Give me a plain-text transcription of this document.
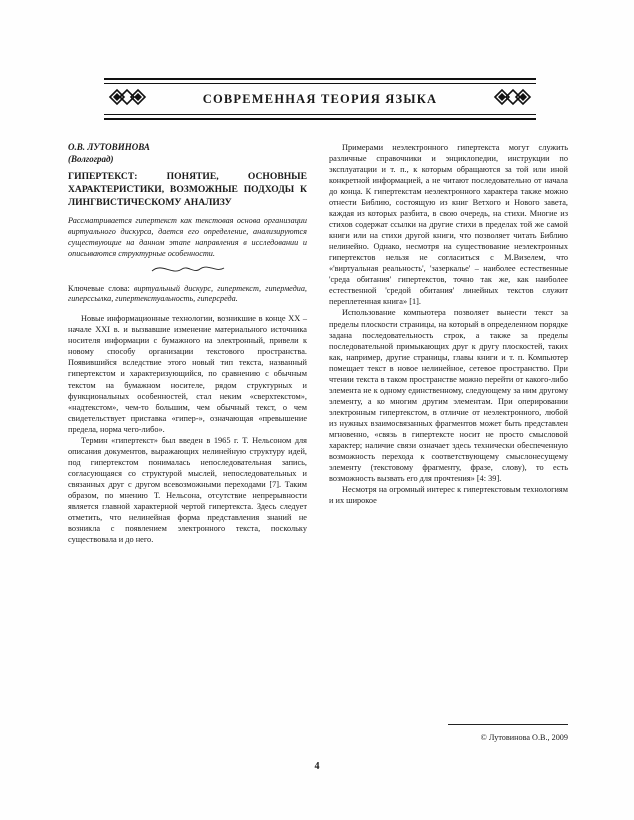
СОВРЕМЕННАЯ ТЕОРИЯ ЯЗЫКА
О.В. ЛУТОВИНОВА
(Волгоград)
ГИПЕРТЕКСТ: ПОНЯТИЕ, ОСНОВНЫЕ ХАРАКТЕРИСТИКИ, ВОЗМОЖНЫЕ ПОДХОДЫ К ЛИНГВИСТИЧЕСКОМУ АНАЛИЗУ
Рассматривается гипертекст как текстовая основа организации виртуального дискурса, дается его определение, анализируются существующие на данном этапе направления в исследовании и описываются структурные особенности.
Ключевые слова: виртуальный дискурс, гипертекст, гипермедиа, гиперссылка, гипертекстуальность, гиперсреда.

Новые информационные технологии, возникшие в конце XX – начале XXI в. и вызвавшие изменение материального источника носителя информации с бумажного на электронный, привели к новому способу организации текстового пространства. Появившийся вследствие этого новый тип текста, названный гипертекстом и характеризующийся, по сравнению с обычным текстом на бумажном носителе, рядом структурных и функциональных особенностей, стал неким «сверхтекстом», «надтекстом», чем-то большим, чем обычный текст, о чем свидетельствует приставка «гипер-», означающая «превышение предела, норма чего-либо».

Термин «гипертекст» был введен в 1965 г. Т. Нельсоном для описания документов, выражающих нелинейную структуру идей, под гипертекстом понималась непоследовательная запись, согласующаяся со структурой мыслей, непоследовательных и связанных друг с другом всевозможными переходами [7]. Таким образом, по мнению Т. Нельсона, отсутствие непрерывности является главной характерной чертой гипертекста. Здесь следует отметить, что нелинейная форма представления знаний не возникла с появлением электронного текста, поскольку существовала и до него.

Примерами неэлектронного гипертекста могут служить различные справочники и энциклопедии, инструкции по эксплуатации и т. п., к которым обращаются за той или иной конкретной информацией, а не читают последовательно от начала до конца. К гипертекстам неэлектронного характера также можно отнести Библию, состоящую из книг Ветхого и Нового завета, каждая из которых разбита, в свою очередь, на стихи. Многие из стихов содержат ссылки на другие стихи в пределах той же самой книги или на стихи другой книги, что позволяет читать Библию нелинейно. Однако, несмотря на существование неэлектронных гипертекстов нельзя не согласиться с М.Визелем, что «'виртуальная реальность', 'зазеркалье' – наиболее естественные 'среда обитания' гипертекстов, точно так же, как наиболее естественной 'средой обитания' линейных текстов служит переплетенная книга» [1].

Использование компьютера позволяет вынести текст за пределы плоскости страницы, на который в определенном порядке задана последовательность строк, а также за пределы последовательной примыкающих друг к другу плоскостей, таких как, например, другие страницы, главы книги и т. п. Компьютер помещает текст в новое нелинейное, сетевое пространство. При чтении текста в таком пространстве можно перейти от какого-либо элемента не к одному единственному, следующему за ним другому элементу, а ко многим другим элементам. При оперировании электронным гипертекстом, в отличие от неэлектронного, любой из нужных взаимосвязанных фрагментов может быть представлен мгновенно, «связь в гипертексте носит не просто смысловой характер; наличие связи означает здесь технически обеспеченную возможность перехода к соответствующему смыслонесущему элементу (текстовому фрагменту, фразе, слову), то есть возможность вызвать его для прочтения» [4: 39].

Несмотря на огромный интерес к гипертекстовым технологиям и их широкое

© Лутовинова О.В., 2009
4
